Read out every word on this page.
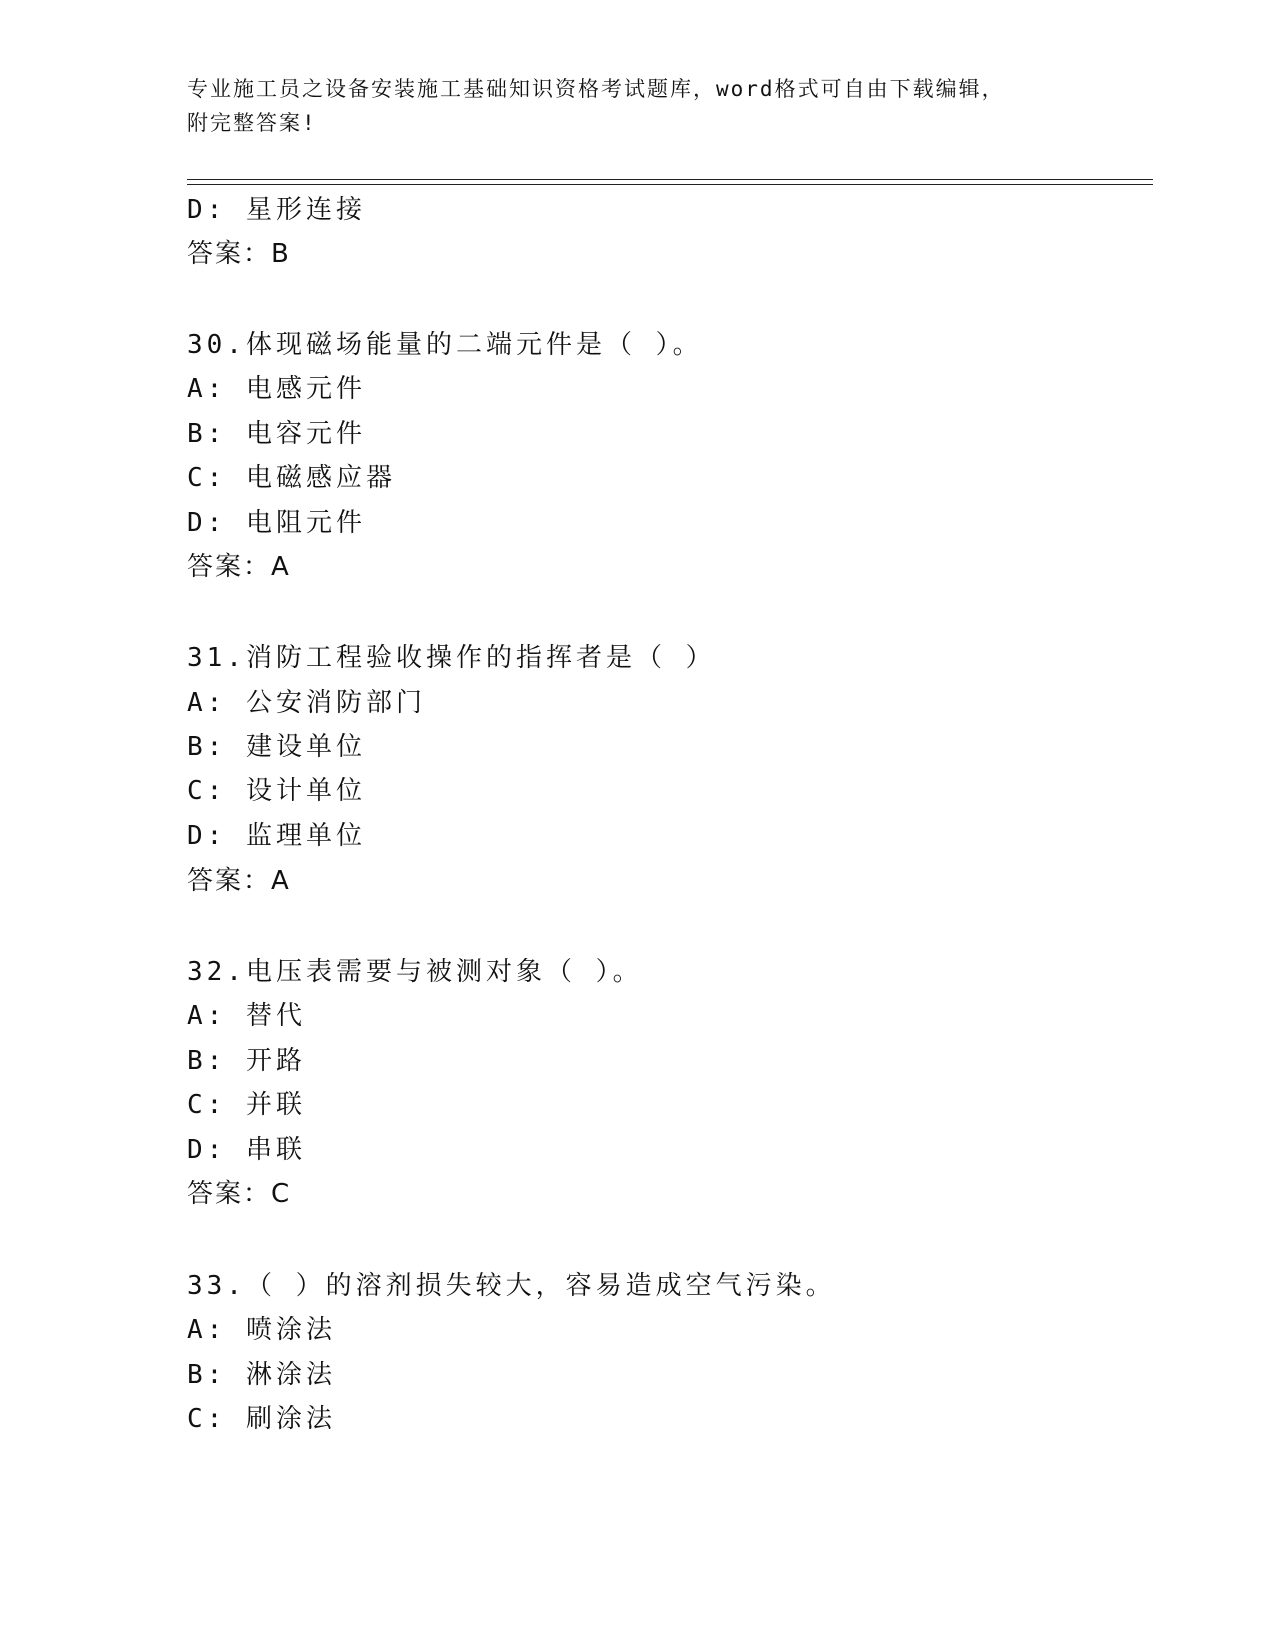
专业施工员之设备安装施工基础知识资格考试题库，word格式可自由下载编辑，
附完整答案!
D: 星形连接
答案：B
30.体现磁场能量的二端元件是（ ）。
A: 电感元件
B: 电容元件
C: 电磁感应器
D: 电阻元件
答案：A
31.消防工程验收操作的指挥者是（ ）
A: 公安消防部门
B: 建设单位
C: 设计单位
D: 监理单位
答案：A
32.电压表需要与被测对象（ ）。
A: 替代
B: 开路
C: 并联
D: 串联
答案：C
33.（ ）的溶剂损失较大，容易造成空气污染。
A: 喷涂法
B: 淋涂法
C: 刷涂法
